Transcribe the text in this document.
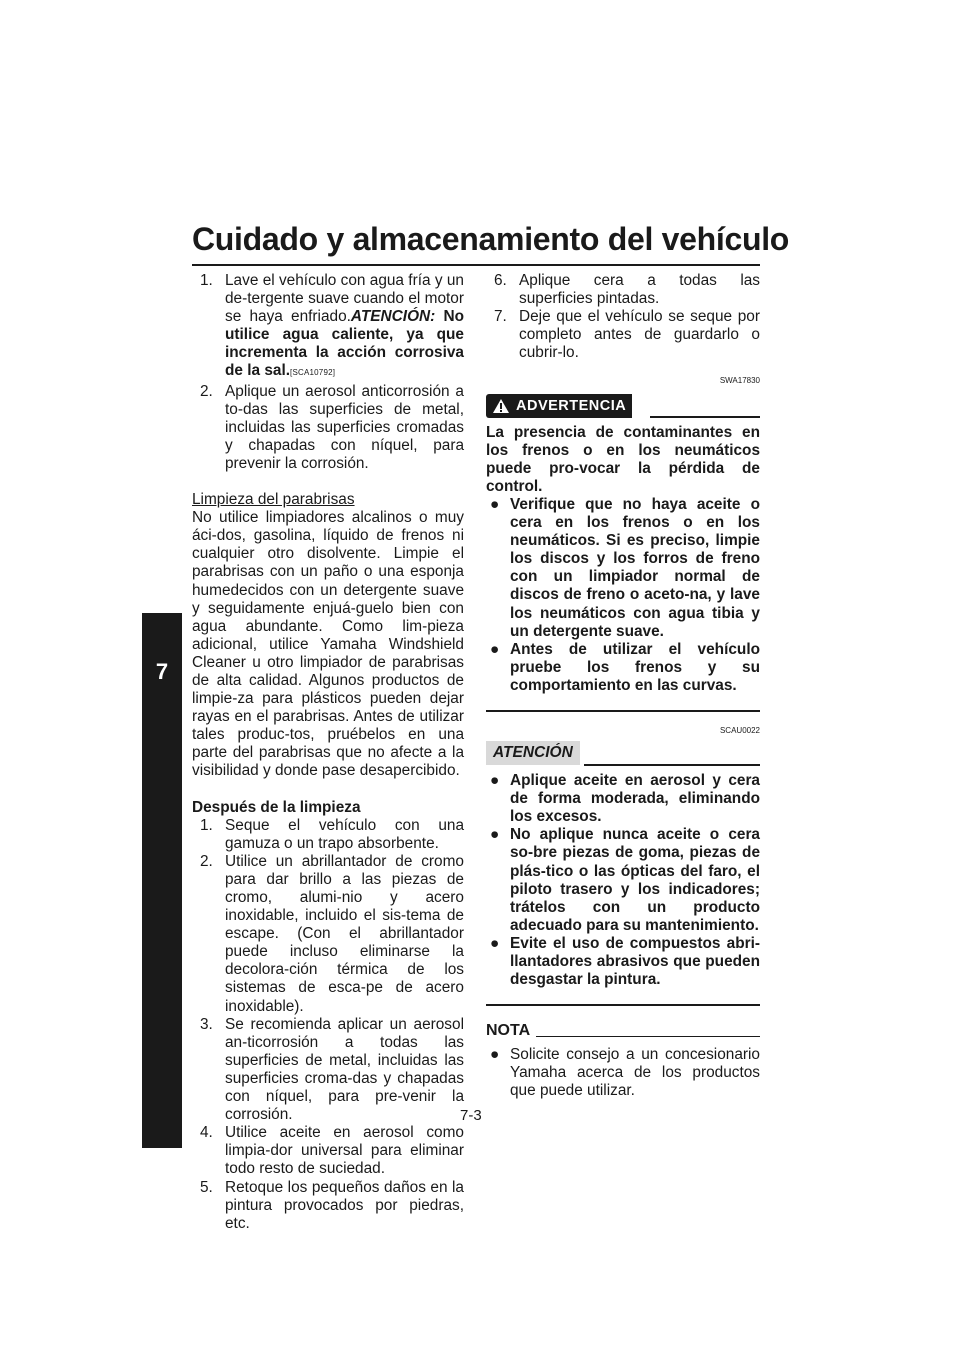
Cuidado y almacenamiento del vehículo
7
1. Lave el vehículo con agua fría y un de-tergente suave cuando el motor se haya enfriado.ATENCIÓN: No utilice agua caliente, ya que incrementa la acción corrosiva de la sal.[SCA10792]
2. Aplique un aerosol anticorrosión a to-das las superficies de metal, incluidas las superficies cromadas y chapadas con níquel, para prevenir la corrosión.
Limpieza del parabrisas
No utilice limpiadores alcalinos o muy áci-dos, gasolina, líquido de frenos ni cualquier otro disolvente. Limpie el parabrisas con un paño o una esponja humedecidos con un detergente suave y seguidamente enjuá-guelo bien con agua abundante. Como lim-pieza adicional, utilice Yamaha Windshield Cleaner u otro limpiador de parabrisas de alta calidad. Algunos productos de limpie-za para plásticos pueden dejar rayas en el parabrisas. Antes de utilizar tales produc-tos, pruébelos en una parte del parabrisas que no afecte a la visibilidad y donde pase desapercibido.
Después de la limpieza
1. Seque el vehículo con una gamuza o un trapo absorbente.
2. Utilice un abrillantador de cromo para dar brillo a las piezas de cromo, alumi-nio y acero inoxidable, incluido el sis-tema de escape. (Con el abrillantador puede incluso eliminarse la decolora-ción térmica de los sistemas de esca-pe de acero inoxidable).
3. Se recomienda aplicar un aerosol an-ticorrosión a todas las superficies de metal, incluidas las superficies croma-das y chapadas con níquel, para pre-venir la corrosión.
4. Utilice aceite en aerosol como limpia-dor universal para eliminar todo resto de suciedad.
5. Retoque los pequeños daños en la pintura provocados por piedras, etc.
6. Aplique cera a todas las superficies pintadas.
7. Deje que el vehículo se seque por completo antes de guardarlo o cubrir-lo.
SWA17830
ADVERTENCIA
La presencia de contaminantes en los frenos o en los neumáticos puede pro-vocar la pérdida de control.
● Verifique que no haya aceite o cera en los frenos o en los neumáticos. Si es preciso, limpie los discos y los forros de freno con un limpiador normal de discos de freno o aceto-na, y lave los neumáticos con agua tibia y un detergente suave.
● Antes de utilizar el vehículo pruebe los frenos y su comportamiento en las curvas.
SCAU0022
ATENCIÓN
● Aplique aceite en aerosol y cera de forma moderada, eliminando los excesos.
● No aplique nunca aceite o cera so-bre piezas de goma, piezas de plás-tico o las ópticas del faro, el piloto trasero y los indicadores; trátelos con un producto adecuado para su mantenimiento.
● Evite el uso de compuestos abri-llantadores abrasivos que pueden desgastar la pintura.
NOTA
● Solicite consejo a un concesionario Yamaha acerca de los productos que puede utilizar.
7-3
